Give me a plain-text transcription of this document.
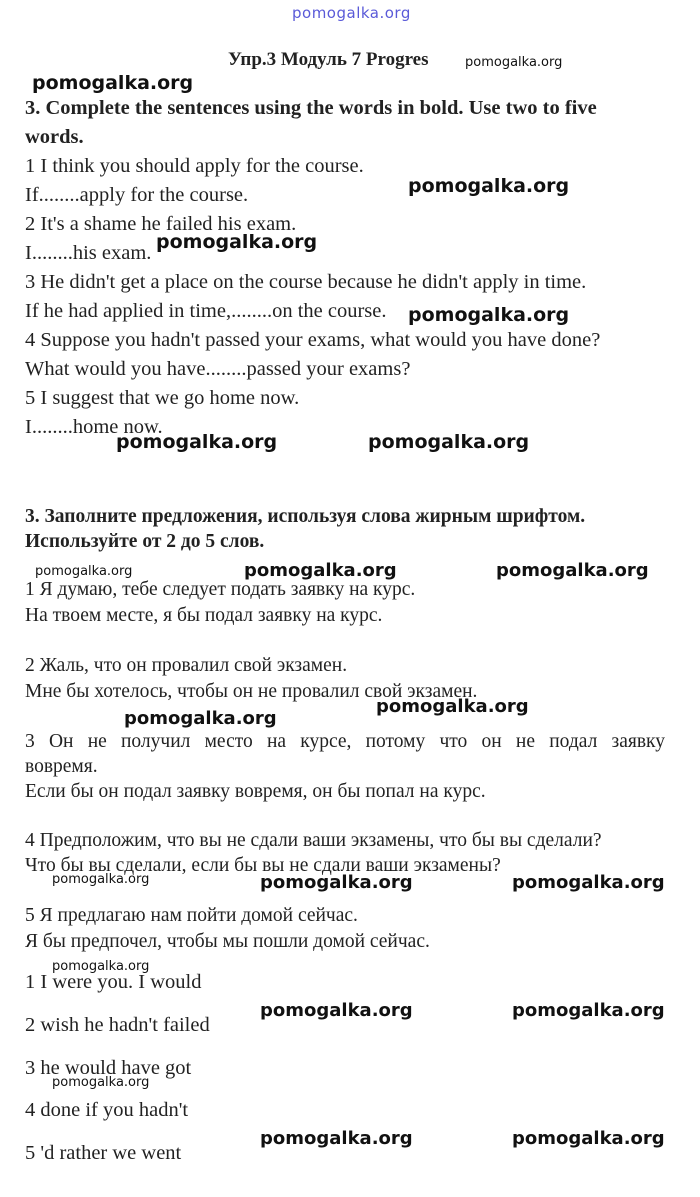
pomogalka.org
pomogalka.org
pomogalka.org
pomogalka.org
pomogalka.org
pomogalka.org
pomogalka.org	pomogalka.org
pomogalka.org	pomogalka.org	pomogalka.org
pomogalka.org
pomogalka.org
pomogalka.org	pomogalka.org	pomogalka.org
pomogalka.org
pomogalka.org	pomogalka.org
pomogalka.org
pomogalka.org	pomogalka.org
Упр.3 Модуль 7 Progres
3. Complete the sentences using the words in bold. Use two to five
words.
1 I think you should apply for the course.
If........apply for the course.
2 It's a shame he failed his exam.
I........his exam.
3 He didn't get a place on the course because he didn't apply in time.
If he had applied in time,........on the course.
4 Suppose you hadn't passed your exams, what would you have done?
What would you have........passed your exams?
5 I suggest that we go home now.
I........home now.
3. Заполните предложения, используя слова жирным шрифтом.
Используйте от 2 до 5 слов.
1 Я думаю, тебе следует подать заявку на курс.
На твоем месте, я бы подал заявку на курс.
2 Жаль, что он провалил свой экзамен.
Мне бы хотелось, чтобы он не провалил свой экзамен.
3 Он не получил место на курсе, потому что он не подал заявку
вовремя.
Если бы он подал заявку вовремя, он бы попал на курс.
4 Предположим, что вы не сдали ваши экзамены, что бы вы сделали?
Что бы вы сделали, если бы вы не сдали ваши экзамены?
5 Я предлагаю нам пойти домой сейчас.
Я бы предпочел, чтобы мы пошли домой сейчас.
1 I were you. I would
2 wish he hadn't failed
3 he would have got
4 done if you hadn't
5 'd rather we went
